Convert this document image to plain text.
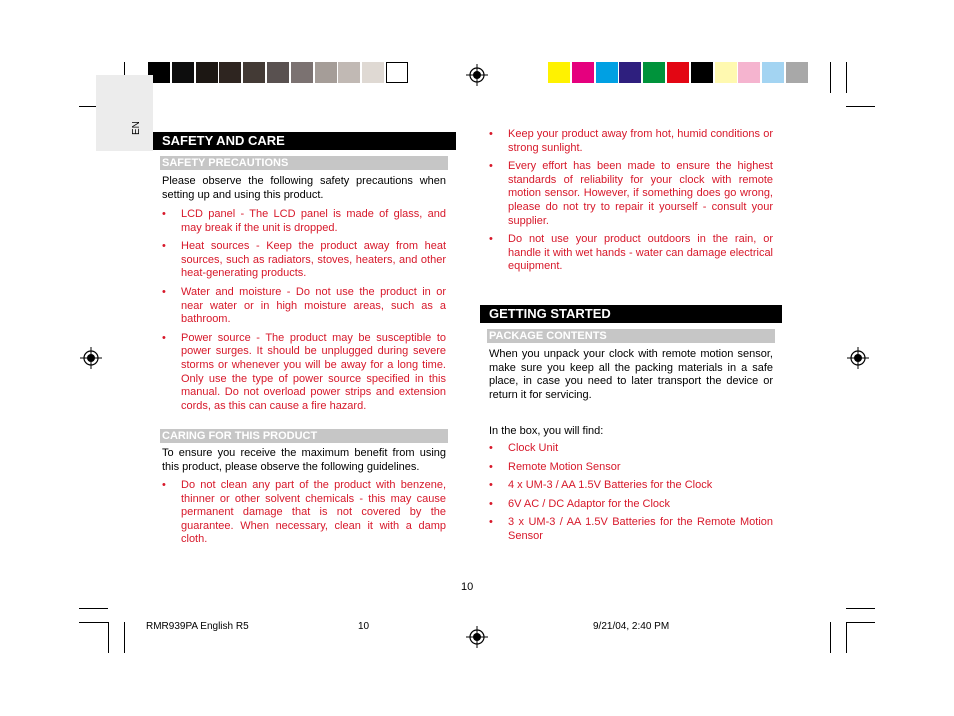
EN
SAFETY AND CARE
SAFETY PRECAUTIONS
Please observe the following safety precautions when setting up and using this product.
• LCD panel - The LCD panel is made of glass, and may break if the unit is dropped.
• Heat sources - Keep the product away from heat sources, such as radiators, stoves, heaters, and other heat-generating products.
• Water and moisture - Do not use the product in or near water or in high moisture areas, such as a bathroom.
• Power source - The product may be susceptible to power surges. It should be unplugged during severe storms or whenever you will be away for a long time. Only use the type of power source specified in this manual. Do not overload power strips and extension cords, as this can cause a fire hazard.
CARING FOR THIS PRODUCT
To ensure you receive the maximum benefit from using this product, please observe the following guidelines.
• Do not clean any part of the product with benzene, thinner or other solvent chemicals - this may cause permanent damage that is not covered by the guarantee. When necessary, clean it with a damp cloth.
• Keep your product away from hot, humid conditions or strong sunlight.
• Every effort has been made to ensure the highest standards of reliability for your clock with remote motion sensor. However, if something does go wrong, please do not try to repair it yourself - consult your supplier.
• Do not use your product outdoors in the rain, or handle it with wet hands - water can damage electrical equipment.
GETTING STARTED
PACKAGE CONTENTS
When you unpack your clock with remote motion sensor, make sure you keep all the packing materials in a safe place, in case you need to later transport the device or return it for servicing.
In the box, you will find:
• Clock Unit
• Remote Motion Sensor
• 4 x UM-3 / AA 1.5V Batteries for the Clock
• 6V AC / DC Adaptor for the Clock
• 3 x UM-3 / AA 1.5V Batteries for the Remote Motion Sensor
10
RMR939PA English R5	10	9/21/04, 2:40 PM
